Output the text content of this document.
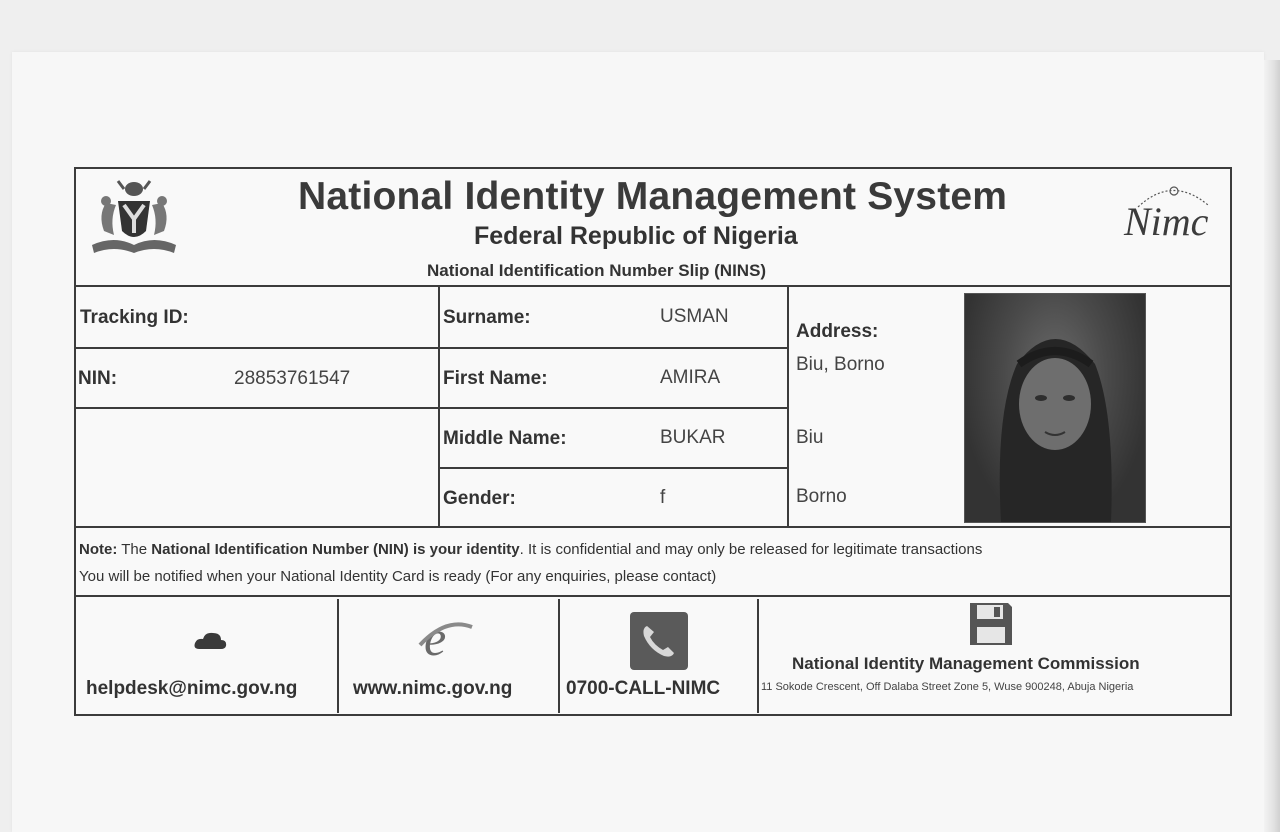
National Identity Management System
Federal Republic of Nigeria
National Identification Number Slip (NINS)
Nimc
Tracking ID:
NIN:	28853761547
Surname:	USMAN
First Name:	AMIRA
Middle Name:	BUKAR
Gender:	f
Address:
Biu, Borno
Biu
Borno
Note: The National Identification Number (NIN) is your identity. It is confidential and may only be released for legitimate transactions
You will be notified when your National Identity Card is ready (For any enquiries, please contact)
helpdesk@nimc.gov.ng
e
www.nimc.gov.ng	0700-CALL-NIMC
National Identity Management Commission
11 Sokode Crescent, Off Dalaba Street Zone 5, Wuse 900248, Abuja Nigeria
